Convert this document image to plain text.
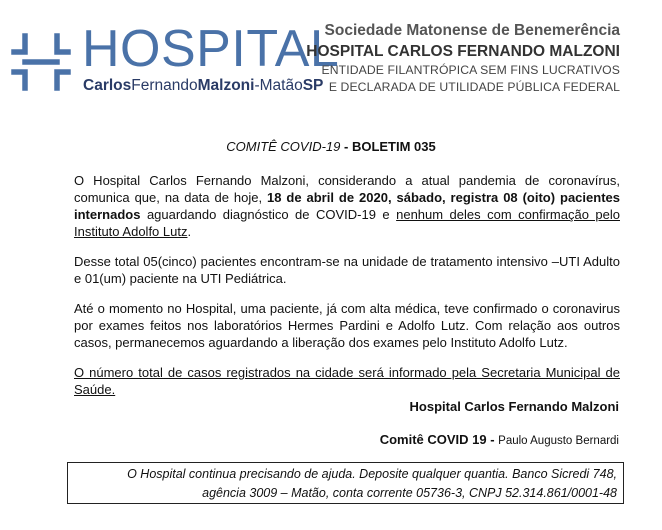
HOSPITAL
CarlosFernandoMalzoni-MatãoSP
Sociedade Matonense de Benemerência
HOSPITAL CARLOS FERNANDO MALZONI
ENTIDADE FILANTRÓPICA SEM FINS LUCRATIVOS
E DECLARADA DE UTILIDADE PÚBLICA FEDERAL
COMITÊ COVID-19 - BOLETIM 035

O Hospital Carlos Fernando Malzoni, considerando a atual pandemia de coronavírus, comunica que, na data de hoje, 18 de abril de 2020, sábado, registra 08 (oito) pacientes internados aguardando diagnóstico de COVID-19 e nenhum deles com confirmação pelo Instituto Adolfo Lutz.

Desse total 05(cinco) pacientes encontram-se na unidade de tratamento intensivo –UTI Adulto e 01(um) paciente na UTI Pediátrica.

Até o momento no Hospital, uma paciente, já com alta médica, teve confirmado o coronavirus por exames feitos nos laboratórios Hermes Pardini e Adolfo Lutz. Com relação aos outros casos, permanecemos aguardando a liberação dos exames pelo Instituto Adolfo Lutz.

O número total de casos registrados na cidade será informado pela Secretaria Municipal de Saúde.

Hospital Carlos Fernando Malzoni
Comitê COVID 19 - Paulo Augusto Bernardi
O Hospital continua precisando de ajuda. Deposite qualquer quantia. Banco Sicredi 748,
agência 3009 – Matão, conta corrente 05736-3, CNPJ 52.314.861/0001-48
